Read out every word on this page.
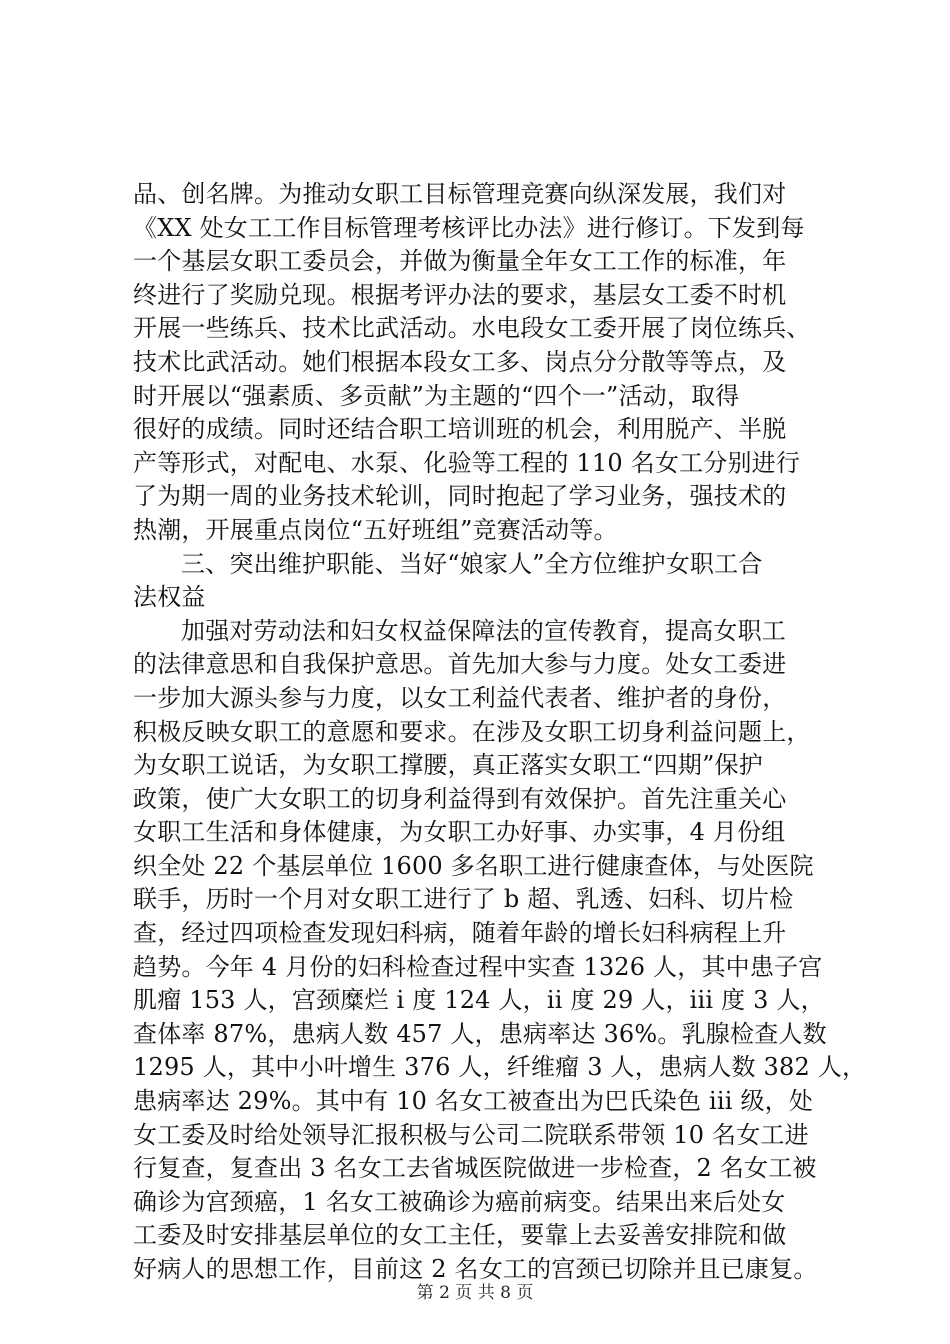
品、创名牌。为推动女职工目标管理竞赛向纵深发展，我们对
《XX 处女工工作目标管理考核评比办法》进行修订。下发到每
一个基层女职工委员会，并做为衡量全年女工工作的标准，年
终进行了奖励兑现。根据考评办法的要求，基层女工委不时机
开展一些练兵、技术比武活动。水电段女工委开展了岗位练兵、
技术比武活动。她们根据本段女工多、岗点分分散等等点，及
时开展以“强素质、多贡献”为主题的“四个一”活动，取得
很好的成绩。同时还结合职工培训班的机会，利用脱产、半脱
产等形式，对配电、水泵、化验等工程的 110 名女工分别进行
了为期一周的业务技术轮训，同时抱起了学习业务，强技术的
热潮，开展重点岗位“五好班组”竞赛活动等。
三、突出维护职能、当好“娘家人”全方位维护女职工合
法权益
加强对劳动法和妇女权益保障法的宣传教育，提高女职工
的法律意思和自我保护意思。首先加大参与力度。处女工委进
一步加大源头参与力度，以女工利益代表者、维护者的身份，
积极反映女职工的意愿和要求。在涉及女职工切身利益问题上，
为女职工说话，为女职工撑腰，真正落实女职工“四期”保护
政策，使广大女职工的切身利益得到有效保护。首先注重关心
女职工生活和身体健康，为女职工办好事、办实事，4 月份组
织全处 22 个基层单位 1600 多名职工进行健康查体，与处医院
联手，历时一个月对女职工进行了 b 超、乳透、妇科、切片检
查，经过四项检查发现妇科病，随着年龄的增长妇科病程上升
趋势。今年 4 月份的妇科检查过程中实查 1326 人，其中患子宫
肌瘤 153 人，宫颈糜烂 i 度 124 人，ii 度 29 人，iii 度 3 人，
查体率 87%，患病人数 457 人，患病率达 36%。乳腺检查人数
1295 人，其中小叶增生 376 人，纤维瘤 3 人，患病人数 382 人，
患病率达 29%。其中有 10 名女工被查出为巴氏染色 iii 级，处
女工委及时给处领导汇报积极与公司二院联系带领 10 名女工进
行复查，复查出 3 名女工去省城医院做进一步检查，2 名女工被
确诊为宫颈癌，1 名女工被确诊为癌前病变。结果出来后处女
工委及时安排基层单位的女工主任，要靠上去妥善安排院和做
好病人的思想工作，目前这 2 名女工的宫颈已切除并且已康复。
第 2 页 共 8 页
